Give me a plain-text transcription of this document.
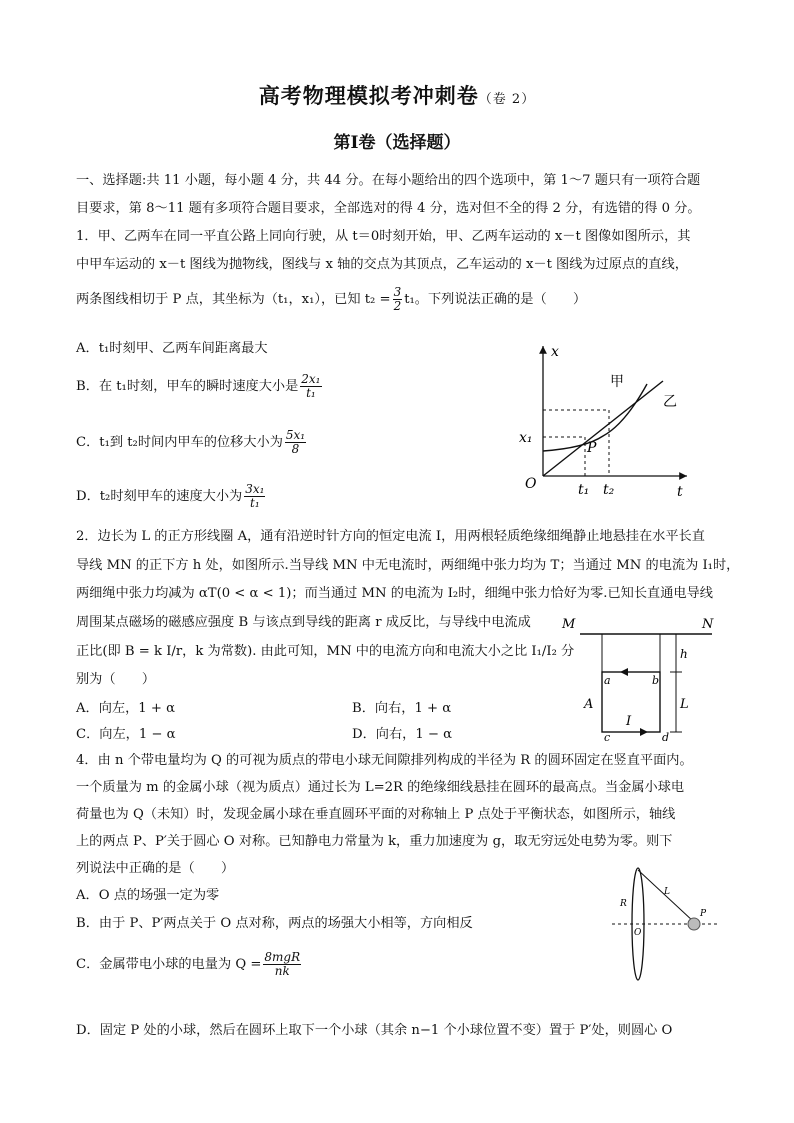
高考物理模拟考冲刺卷（卷 2）
第Ⅰ卷（选择题）
一、选择题:共 11 小题，每小题 4 分，共 44 分。在每小题给出的四个选项中，第 1～7 题只有一项符合题
目要求，第 8～11 题有多项符合题目要求，全部选对的得 4 分，选对但不全的得 2 分，有选错的得 0 分。
1．甲、乙两车在同一平直公路上同向行驶，从 t＝0时刻开始，甲、乙两车运动的 x－t 图像如图所示，其
中甲车运动的 x－t 图线为抛物线，图线与 x 轴的交点为其顶点，乙车运动的 x－t 图线为过原点的直线，
两条图线相切于 P 点，其坐标为（t₁，x₁），已知 $t_2 = \frac{3}{2} t_1$。下列说法正确的是（　　）
A．t₁时刻甲、乙两车间距离最大
B．在 t₁时刻，甲车的瞬时速度大小是 $\frac{\text{2x₁}}{\text{t₁}}$
C．t₁到 t₂时间内甲车的位移大小为 $\frac{\text{5x₁}}{8}$
D．t₂时刻甲车的速度大小为 $\frac{\text{3x₁}}{\text{t₁}}$
x
t
O
甲
乙
x₁
P
t₁ t₂
2．边长为 L 的正方形线圈 A，通有沿逆时针方向的恒定电流 I，用两根轻质绝缘细绳静止地悬挂在水平长直
导线 MN 的正下方 h 处，如图所示.当导线 MN 中无电流时，两细绳中张力均为 T；当通过 MN 的电流为 I₁时，
两细绳中张力均减为 αT(0 < α < 1)；而当通过 MN 的电流为 I₂时，细绳中张力恰好为零.已知长直通电导线
周围某点磁场的磁感应强度 B 与该点到导线的距离 r 成反比，与导线中电流成
正比(即 B = k I/r，k 为常数). 由此可知，MN 中的电流方向和电流大小之比 I₁/I₂ 分
别为（　　）
A．向左，1 + α	B．向右，1 + α
C．向左，1 − α	D．向右，1 − α
M	N
a	b
c	d
A
I
h
L
4．由 n 个带电量均为 Q 的可视为质点的带电小球无间隙排列构成的半径为 R 的圆环固定在竖直平面内。
一个质量为 m 的金属小球（视为质点）通过长为 L=2R 的绝缘细线悬挂在圆环的最高点。当金属小球电
荷量也为 Q（未知）时，发现金属小球在垂直圆环平面的对称轴上 P 点处于平衡状态，如图所示，轴线
上的两点 P、P′关于圆心 O 对称。已知静电力常量为 k，重力加速度为 g，取无穷远处电势为零。则下
列说法中正确的是（　　）
A．O 点的场强一定为零
B．由于 P、P′两点关于 O 点对称，两点的场强大小相等，方向相反
C．金属带电小球的电量为 $Q = \frac{\text{8mgR}}{nk}$
D．固定 P 处的小球，然后在圆环上取下一个小球（其余 n−1 个小球位置不变）置于 P′处，则圆心 O
R
O
L
P
